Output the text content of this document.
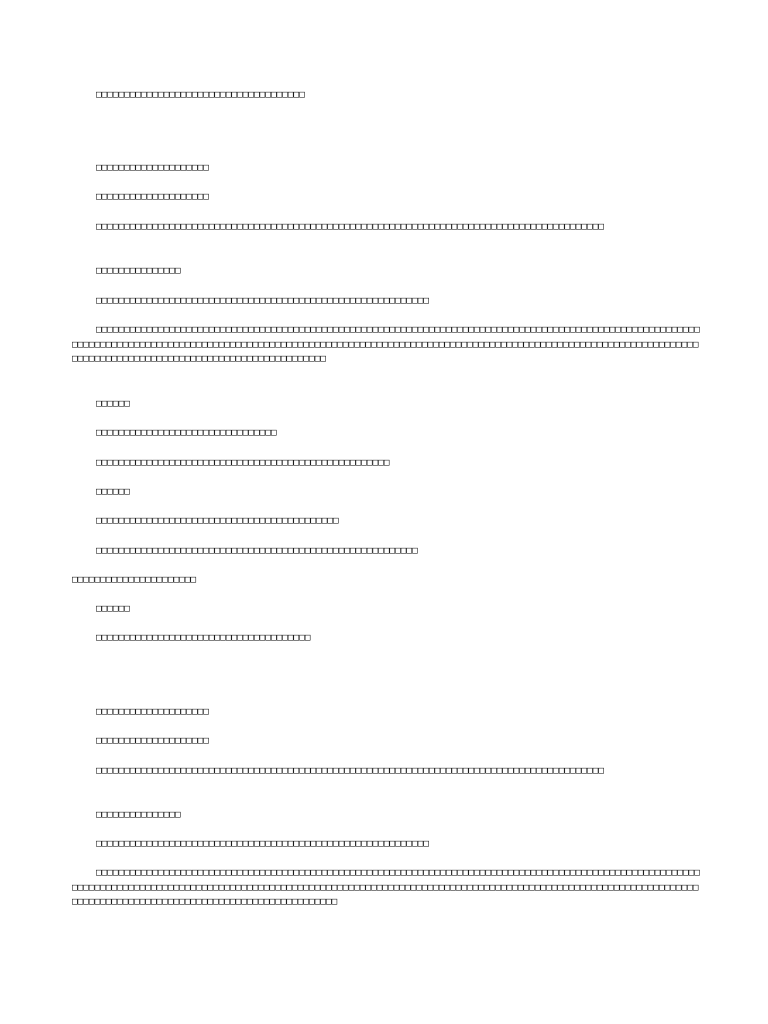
□□□□□□□□□□□□□□□□□□□□□□□□□□□□□□□□□□□□□

□□□□□□□□□□□□□□□□□□□□

□□□□□□□□□□□□□□□□□□□□

□□□□□□□□□□□□□□□□□□□□□□□□□□□□□□□□□□□□□□□□□□□□□□□□□□□□□□□□□□□□□□□□□□□□□□□□□□□□□□□□□□□□□□□□□□

□□□□□□□□□□□□□□□

□□□□□□□□□□□□□□□□□□□□□□□□□□□□□□□□□□□□□□□□□□□□□□□□□□□□□□□□□□□

□□□□□□□□□□□□□□□□□□□□□□□□□□□□□□□□□□□□□□□□□□□□□□□□□□□□□□□□□□□□□□□□□□□□□□□□□□□□□□□□□□□□□□□□□□□□□□□□□□□□□□□□□□□□□□□□□□□□□□□□□□□□□□□□□□□□□□□□□□□□□□□□□□□□□□□□□□□□□□□□□□□□□□□□□□□□□□□□□□□□□□□□□□□□□□□□□□□□□□□□□□□□□□□□□□□□□□□□□□□□□□□□□□□□□□□□□□□□□□□□□□□□□□□□□□□□□□□□□□□□□□□

□□□□□□

□□□□□□□□□□□□□□□□□□□□□□□□□□□□□□□□

□□□□□□□□□□□□□□□□□□□□□□□□□□□□□□□□□□□□□□□□□□□□□□□□□□□□

□□□□□□

□□□□□□□□□□□□□□□□□□□□□□□□□□□□□□□□□□□□□□□□□□□

□□□□□□□□□□□□□□□□□□□□□□□□□□□□□□□□□□□□□□□□□□□□□□□□□□□□□□□□□

□□□□□□□□□□□□□□□□□□□□□□

□□□□□□

□□□□□□□□□□□□□□□□□□□□□□□□□□□□□□□□□□□□□□

□□□□□□□□□□□□□□□□□□□□

□□□□□□□□□□□□□□□□□□□□

□□□□□□□□□□□□□□□□□□□□□□□□□□□□□□□□□□□□□□□□□□□□□□□□□□□□□□□□□□□□□□□□□□□□□□□□□□□□□□□□□□□□□□□□□□

□□□□□□□□□□□□□□□

□□□□□□□□□□□□□□□□□□□□□□□□□□□□□□□□□□□□□□□□□□□□□□□□□□□□□□□□□□□

□□□□□□□□□□□□□□□□□□□□□□□□□□□□□□□□□□□□□□□□□□□□□□□□□□□□□□□□□□□□□□□□□□□□□□□□□□□□□□□□□□□□□□□□□□□□□□□□□□□□□□□□□□□□□□□□□□□□□□□□□□□□□□□□□□□□□□□□□□□□□□□□□□□□□□□□□□□□□□□□□□□□□□□□□□□□□□□□□□□□□□□□□□□□□□□□□□□□□□□□□□□□□□□□□□□□□□□□□□□□□□□□□□□□□□□□□□□□□□□□□□□□□□□□□□□□□□□□□□□□□□□□□
